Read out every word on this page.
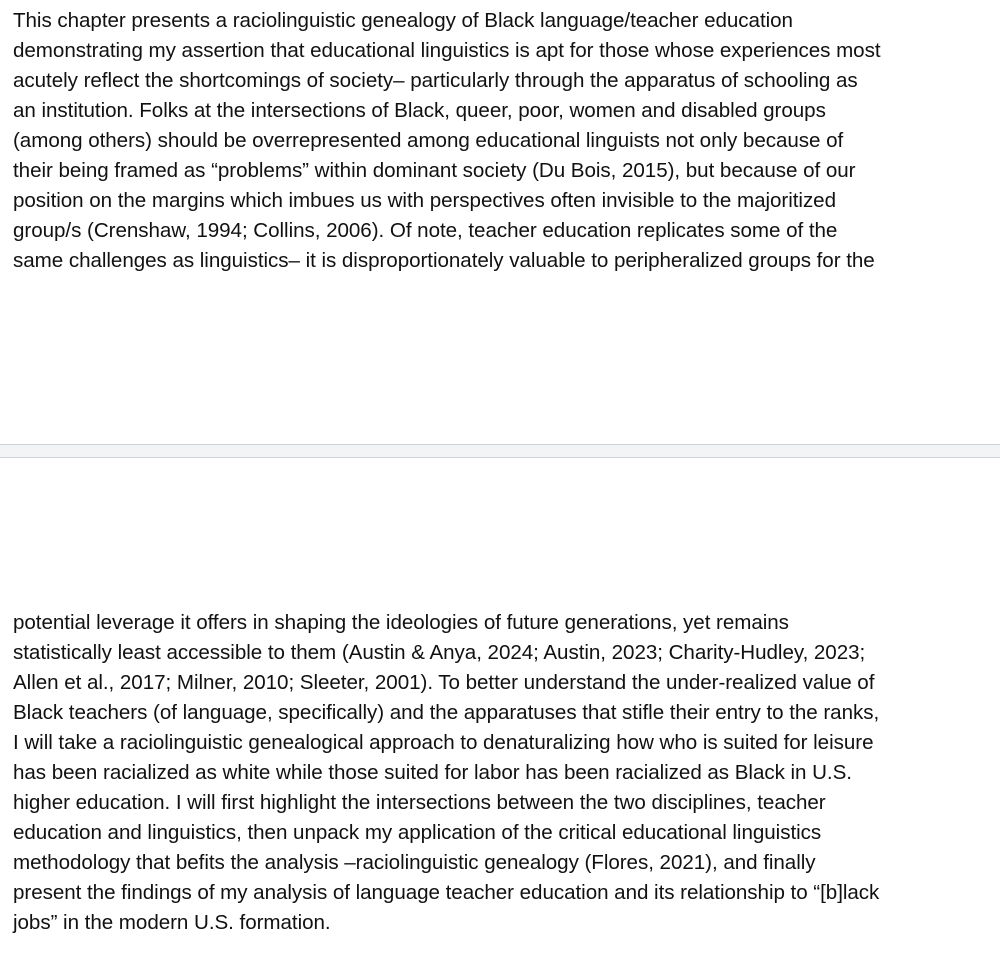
This chapter presents a raciolinguistic genealogy of Black language/teacher education
demonstrating my assertion that educational linguistics is apt for those whose experiences most
acutely reflect the shortcomings of society– particularly through the apparatus of schooling as
an institution. Folks at the intersections of Black, queer, poor, women and disabled groups
(among others) should be overrepresented among educational linguists not only because of
their being framed as “problems” within dominant society (Du Bois, 2015), but because of our
position on the margins which imbues us with perspectives often invisible to the majoritized
group/s (Crenshaw, 1994; Collins, 2006). Of note, teacher education replicates some of the
same challenges as linguistics– it is disproportionately valuable to peripheralized groups for the
potential leverage it offers in shaping the ideologies of future generations, yet remains
statistically least accessible to them (Austin & Anya, 2024; Austin, 2023; Charity-Hudley, 2023;
Allen et al., 2017; Milner, 2010; Sleeter, 2001). To better understand the under-realized value of
Black teachers (of language, specifically) and the apparatuses that stifle their entry to the ranks,
I will take a raciolinguistic genealogical approach to denaturalizing how who is suited for leisure
has been racialized as white while those suited for labor has been racialized as Black in U.S.
higher education. I will first highlight the intersections between the two disciplines, teacher
education and linguistics, then unpack my application of the critical educational linguistics
methodology that befits the analysis –raciolinguistic genealogy (Flores, 2021), and finally
present the findings of my analysis of language teacher education and its relationship to “[b]lack
jobs” in the modern U.S. formation.
